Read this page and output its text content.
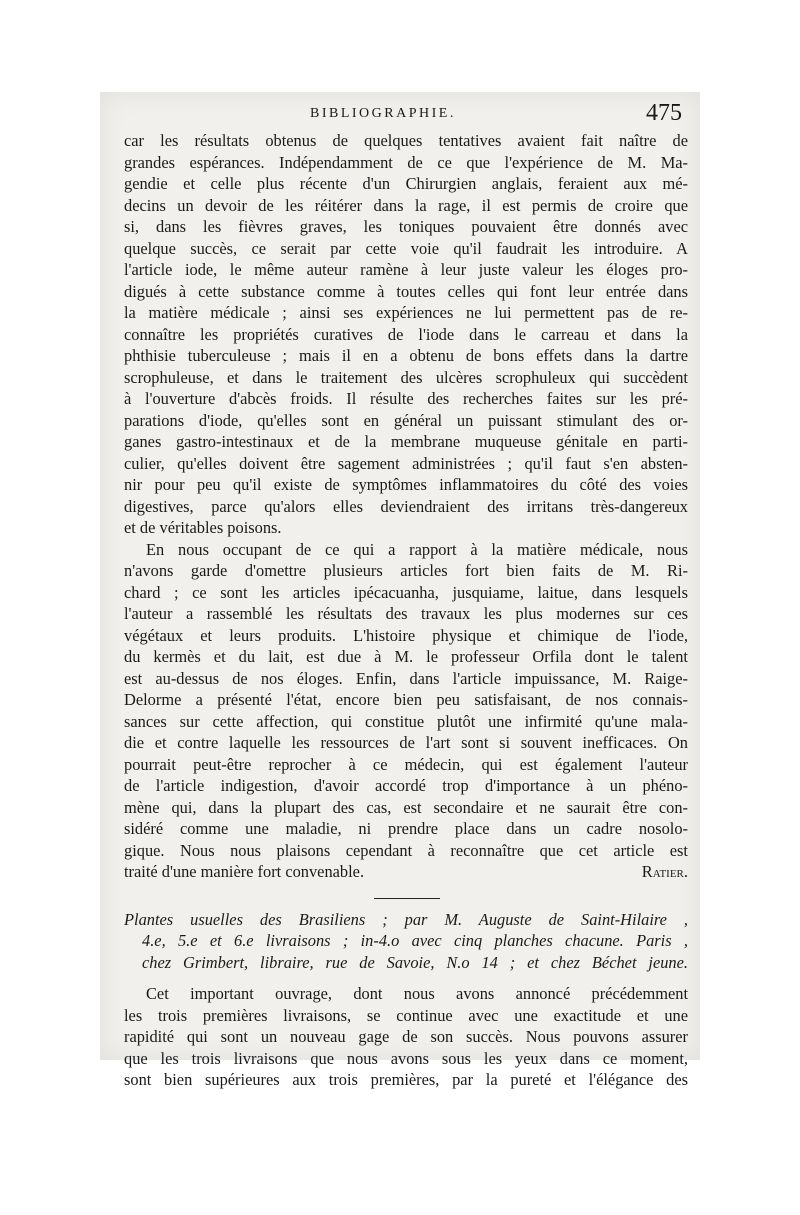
BIBLIOGRAPHIE.	475
car les résultats obtenus de quelques tentatives avaient fait naître de
grandes espérances. Indépendamment de ce que l'expérience de M. Ma-
gendie et celle plus récente d'un Chirurgien anglais, feraient aux mé-
decins un devoir de les réitérer dans la rage, il est permis de croire que
si, dans les fièvres graves, les toniques pouvaient être donnés avec
quelque succès, ce serait par cette voie qu'il faudrait les introduire. A
l'article iode, le même auteur ramène à leur juste valeur les éloges pro-
digués à cette substance comme à toutes celles qui font leur entrée dans
la matière médicale ; ainsi ses expériences ne lui permettent pas de re-
connaître les propriétés curatives de l'iode dans le carreau et dans la
phthisie tuberculeuse ; mais il en a obtenu de bons effets dans la dartre
scrophuleuse, et dans le traitement des ulcères scrophuleux qui succèdent
à l'ouverture d'abcès froids. Il résulte des recherches faites sur les pré-
parations d'iode, qu'elles sont en général un puissant stimulant des or-
ganes gastro-intestinaux et de la membrane muqueuse génitale en parti-
culier, qu'elles doivent être sagement administrées ; qu'il faut s'en absten-
nir pour peu qu'il existe de symptômes inflammatoires du côté des voies
digestives, parce qu'alors elles deviendraient des irritans très-dangereux
et de véritables poisons.
En nous occupant de ce qui a rapport à la matière médicale, nous
n'avons garde d'omettre plusieurs articles fort bien faits de M. Ri-
chard ; ce sont les articles ipécacuanha, jusquiame, laitue, dans lesquels
l'auteur a rassemblé les résultats des travaux les plus modernes sur ces
végétaux et leurs produits. L'histoire physique et chimique de l'iode,
du kermès et du lait, est due à M. le professeur Orfila dont le talent
est au-dessus de nos éloges. Enfin, dans l'article impuissance, M. Raige-
Delorme a présenté l'état, encore bien peu satisfaisant, de nos connais-
sances sur cette affection, qui constitue plutôt une infirmité qu'une mala-
die et contre laquelle les ressources de l'art sont si souvent inefficaces. On
pourrait peut-être reprocher à ce médecin, qui est également l'auteur
de l'article indigestion, d'avoir accordé trop d'importance à un phéno-
mène qui, dans la plupart des cas, est secondaire et ne saurait être con-
sidéré comme une maladie, ni prendre place dans un cadre nosolo-
gique. Nous nous plaisons cependant à reconnaître que cet article est
traité d'une manière fort convenable.	Ratier.
Plantes usuelles des Brasiliens ; par M. Auguste de Saint-Hilaire ,
4.e, 5.e et 6.e livraisons ; in-4.o avec cinq planches chacune. Paris ,
chez Grimbert, libraire, rue de Savoie, N.o 14 ; et chez Béchet jeune.
Cet important ouvrage, dont nous avons annoncé précédemment
les trois premières livraisons, se continue avec une exactitude et une
rapidité qui sont un nouveau gage de son succès. Nous pouvons assurer
que les trois livraisons que nous avons sous les yeux dans ce moment,
sont bien supérieures aux trois premières, par la pureté et l'élégance des
